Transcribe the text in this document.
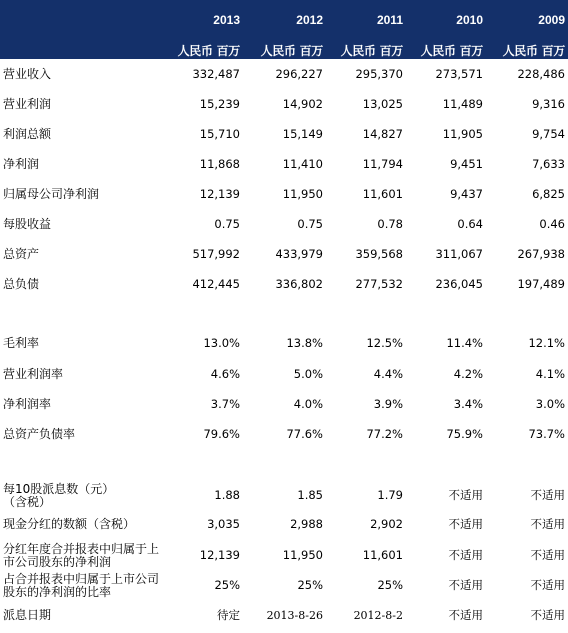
2013	2012	2011	2010	2009
人民币 百万	人民币 百万	人民币 百万	人民币 百万	人民币 百万
营业收入	332,487	296,227	295,370	273,571	228,486
营业利润	15,239	14,902	13,025	11,489	9,316
利润总额	15,710	15,149	14,827	11,905	9,754
净利润	11,868	11,410	11,794	9,451	7,633
归属母公司净利润	12,139	11,950	11,601	9,437	6,825
每股收益	0.75	0.75	0.78	0.64	0.46
总资产	517,992	433,979	359,568	311,067	267,938
总负债	412,445	336,802	277,532	236,045	197,489
毛利率	13.0%	13.8%	12.5%	11.4%	12.1%
营业利润率	4.6%	5.0%	4.4%	4.2%	4.1%
净利润率	3.7%	4.0%	3.9%	3.4%	3.0%
总资产负债率	79.6%	77.6%	77.2%	75.9%	73.7%
每10股派息数（元）
（含税）	1.88	1.85	1.79	不适用	不适用
现金分红的数额（含税）	3,035	2,988	2,902	不适用	不适用
分红年度合并报表中归属于上
市公司股东的净利润	12,139	11,950	11,601	不适用	不适用
占合并报表中归属于上市公司
股东的净利润的比率	25%	25%	25%	不适用	不适用
派息日期	待定	2013-8-26	2012-8-2	不适用	不适用
